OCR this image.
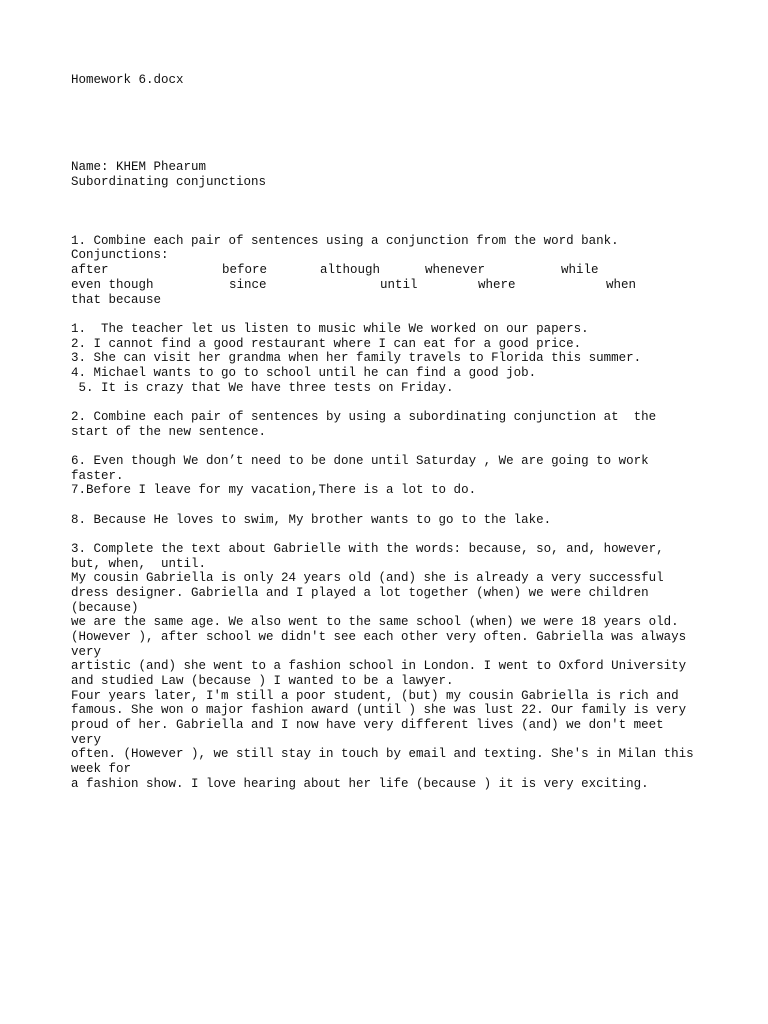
Homework 6.docx
Name: KHEM Phearum
Subordinating conjunctions
1. Combine each pair of sentences using a conjunction from the word bank.
Conjunctions:
after	before	although	whenever	while
even though	since	until	where	when
that because
1.  The teacher let us listen to music while We worked on our papers.
2. I cannot find a good restaurant where I can eat for a good price.
3. She can visit her grandma when her family travels to Florida this summer.
4. Michael wants to go to school until he can find a good job.
5. It is crazy that We have three tests on Friday.
2. Combine each pair of sentences by using a subordinating conjunction at  the
start of the new sentence.
6. Even though We don’t need to be done until Saturday , We are going to work
faster.
7.Before I leave for my vacation,There is a lot to do.
8. Because He loves to swim, My brother wants to go to the lake.
3. Complete the text about Gabrielle with the words: because, so, and, however,
but, when,  until.
My cousin Gabriella is only 24 years old (and) she is already a very successful
dress designer. Gabriella and I played a lot together (when) we were children
(because)
we are the same age. We also went to the same school (when) we were 18 years old.
(However ), after school we didn't see each other very often. Gabriella was always
very
artistic (and) she went to a fashion school in London. I went to Oxford University
and studied Law (because ) I wanted to be a lawyer.
Four years later, I'm still a poor student, (but) my cousin Gabriella is rich and
famous. She won o major fashion award (until ) she was lust 22. Our family is very
proud of her. Gabriella and I now have very different lives (and) we don't meet
very
often. (However ), we still stay in touch by email and texting. She's in Milan this
week for
a fashion show. I love hearing about her life (because ) it is very exciting.
